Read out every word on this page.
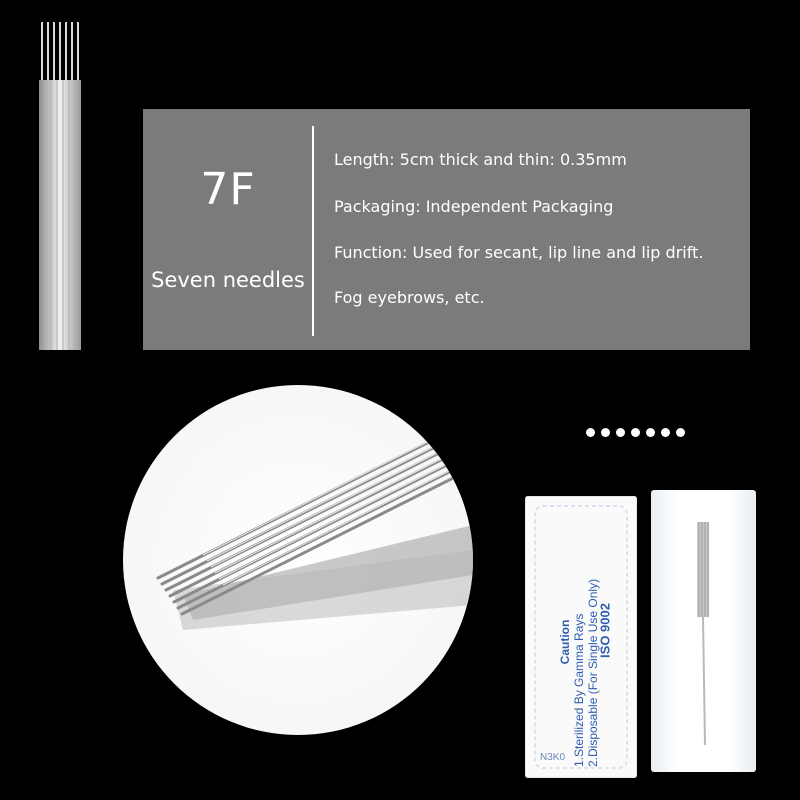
7F
Seven needles
Length: 5cm thick and thin: 0.35mm
Packaging: Independent Packaging
Function: Used for secant, lip line and lip drift.
Fog eyebrows, etc.
Caution 1.Sterilized By Gamma Rays 2.Disposable (For Single Use Only)
ISO 9002
N3K0
